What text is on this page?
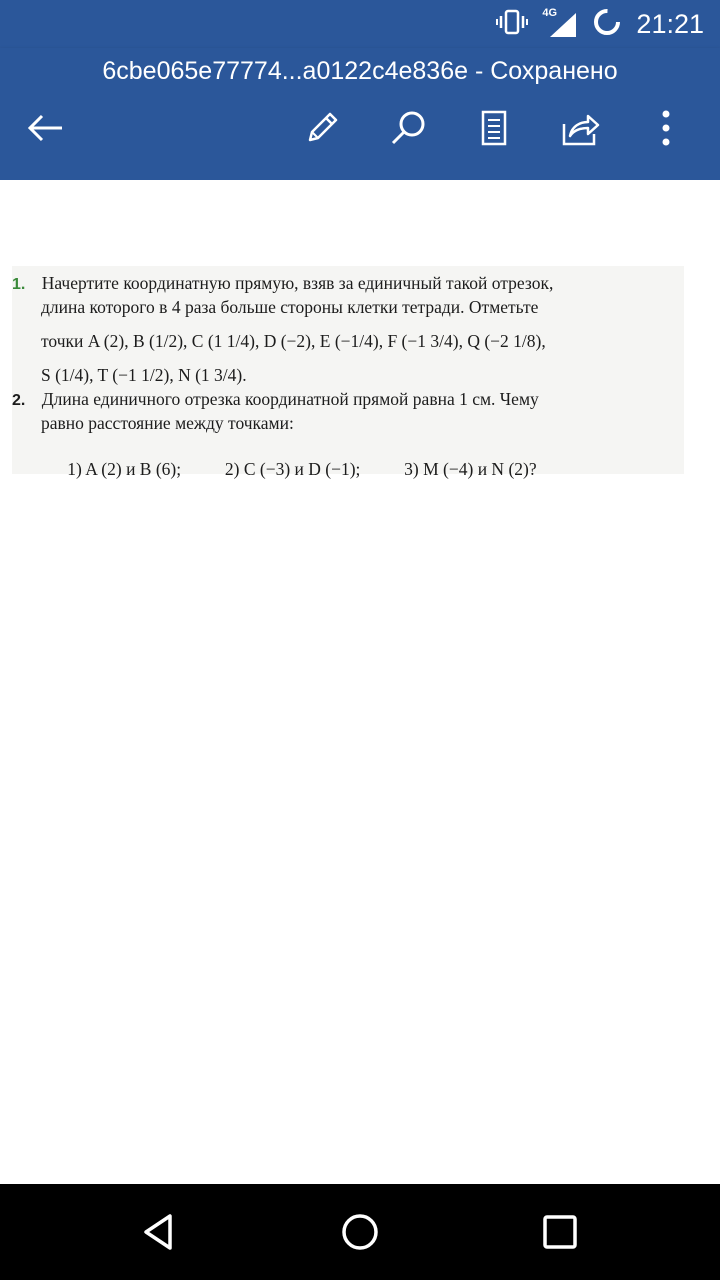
4G	21:21
6cbe065e77774...a0122c4e836e - Сохранено
1. Начертите координатную прямую, взяв за единичный такой отрезок,
длина которого в 4 раза больше стороны клетки тетради. Отметьте
точки A (2), B (1/2), C (1 1/4), D (−2), E (−1/4), F (−1 3/4), Q (−2 1/8),
S (1/4), T (−1 1/2), N (1 3/4).
2. Длина единичного отрезка координатной прямой равна 1 см. Чему
равно расстояние между точками:

1) A (2) и B (6);          2) C (−3) и D (−1);          3) M (−4) и N (2)?
